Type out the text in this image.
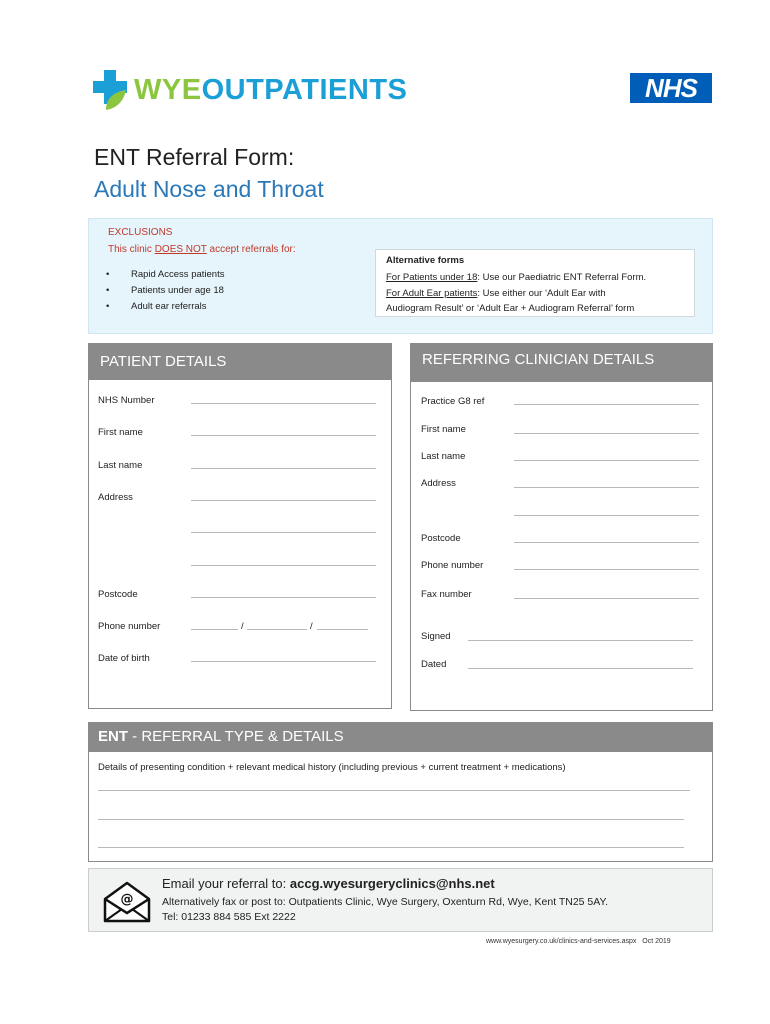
WYEOUTPATIENTS	NHS
ENT Referral Form:
Adult Nose and Throat
EXCLUSIONS
This clinic DOES NOT accept referrals for:
• Rapid Access patients
• Patients under age 18
• Adult ear referrals
Alternative forms
For Patients under 18: Use our Paediatric ENT Referral Form.
For Adult Ear patients: Use either our ‘Adult Ear with
Audiogram Result’ or ‘Adult Ear + Audiogram Referral’ form
PATIENT DETAILS
NHS Number
First name
Last name
Address
Postcode
Phone number	/	/
Date of birth
REFERRING CLINICIAN DETAILS
Practice G8 ref
First name
Last name
Address
Postcode
Phone number
Fax number
Signed
Dated
ENT - REFERRAL TYPE & DETAILS
Details of presenting condition + relevant medical history (including previous + current treatment + medications)
@
Email your referral to: accg.wyesurgeryclinics@nhs.net
Alternatively fax or post to: Outpatients Clinic, Wye Surgery, Oxenturn Rd, Wye, Kent TN25 5AY.
Tel: 01233 884 585 Ext 2222
www.wyesurgery.co.uk/clinics-and-services.aspx Oct 2019
